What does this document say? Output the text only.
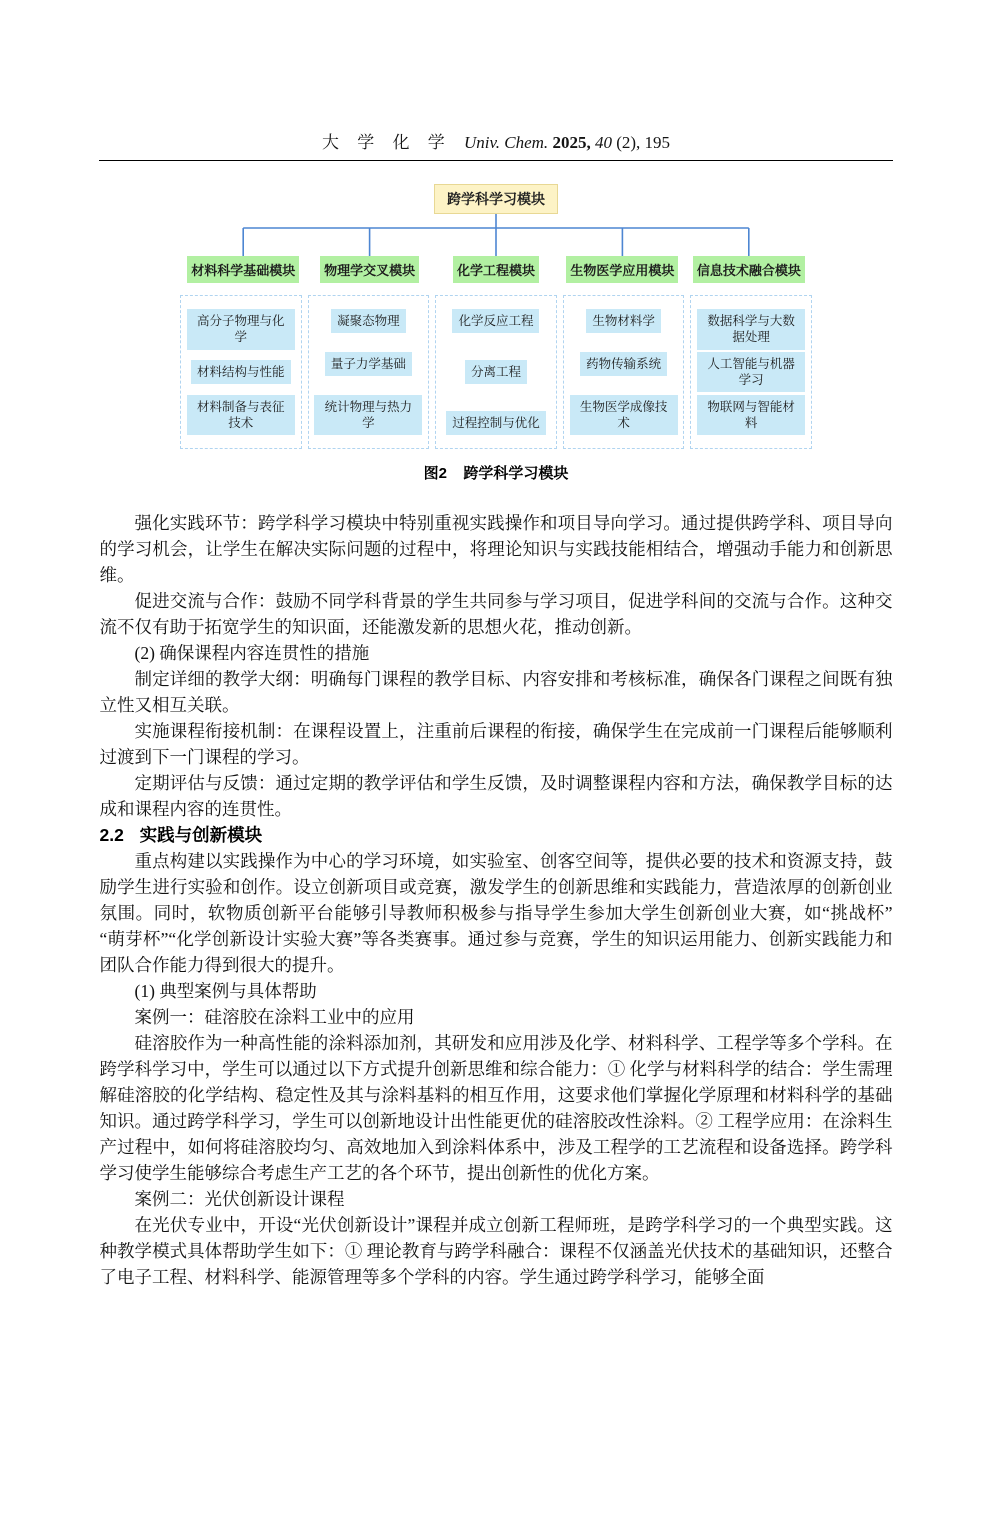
大 学 化 学 Univ. Chem. 2025, 40 (2), 195
跨学科学习模块
材料科学基础模块	物理学交叉模块	化学工程模块	生物医学应用模块	信息技术融合模块
高分子物理与化学
材料结构与性能
材料制备与表征技术
凝聚态物理
量子力学基础
统计物理与热力学
化学反应工程
分离工程
过程控制与优化
生物材料学
药物传输系统
生物医学成像技术
数据科学与大数据处理
人工智能与机器学习
物联网与智能材料
图2 跨学科学习模块

强化实践环节：跨学科学习模块中特别重视实践操作和项目导向学习。通过提供跨学科、项目导向的学习机会，让学生在解决实际问题的过程中，将理论知识与实践技能相结合，增强动手能力和创新思维。

促进交流与合作：鼓励不同学科背景的学生共同参与学习项目，促进学科间的交流与合作。这种交流不仅有助于拓宽学生的知识面，还能激发新的思想火花，推动创新。

(2) 确保课程内容连贯性的措施

制定详细的教学大纲：明确每门课程的教学目标、内容安排和考核标准，确保各门课程之间既有独立性又相互关联。

实施课程衔接机制：在课程设置上，注重前后课程的衔接，确保学生在完成前一门课程后能够顺利过渡到下一门课程的学习。

定期评估与反馈：通过定期的教学评估和学生反馈，及时调整课程内容和方法，确保教学目标的达成和课程内容的连贯性。

2.2 实践与创新模块

重点构建以实践操作为中心的学习环境，如实验室、创客空间等，提供必要的技术和资源支持，鼓励学生进行实验和创作。设立创新项目或竞赛，激发学生的创新思维和实践能力，营造浓厚的创新创业氛围。同时，软物质创新平台能够引导教师积极参与指导学生参加大学生创新创业大赛，如“挑战杯”“萌芽杯”“化学创新设计实验大赛”等各类赛事。通过参与竞赛，学生的知识运用能力、创新实践能力和团队合作能力得到很大的提升。

(1) 典型案例与具体帮助

案例一：硅溶胶在涂料工业中的应用

硅溶胶作为一种高性能的涂料添加剂，其研发和应用涉及化学、材料科学、工程学等多个学科。在跨学科学习中，学生可以通过以下方式提升创新思维和综合能力：① 化学与材料科学的结合：学生需理解硅溶胶的化学结构、稳定性及其与涂料基料的相互作用，这要求他们掌握化学原理和材料科学的基础知识。通过跨学科学习，学生可以创新地设计出性能更优的硅溶胶改性涂料。② 工程学应用：在涂料生产过程中，如何将硅溶胶均匀、高效地加入到涂料体系中，涉及工程学的工艺流程和设备选择。跨学科学习使学生能够综合考虑生产工艺的各个环节，提出创新性的优化方案。

案例二：光伏创新设计课程

在光伏专业中，开设“光伏创新设计”课程并成立创新工程师班，是跨学科学习的一个典型实践。这种教学模式具体帮助学生如下：① 理论教育与跨学科融合：课程不仅涵盖光伏技术的基础知识，还整合了电子工程、材料科学、能源管理等多个学科的内容。学生通过跨学科学习，能够全面
